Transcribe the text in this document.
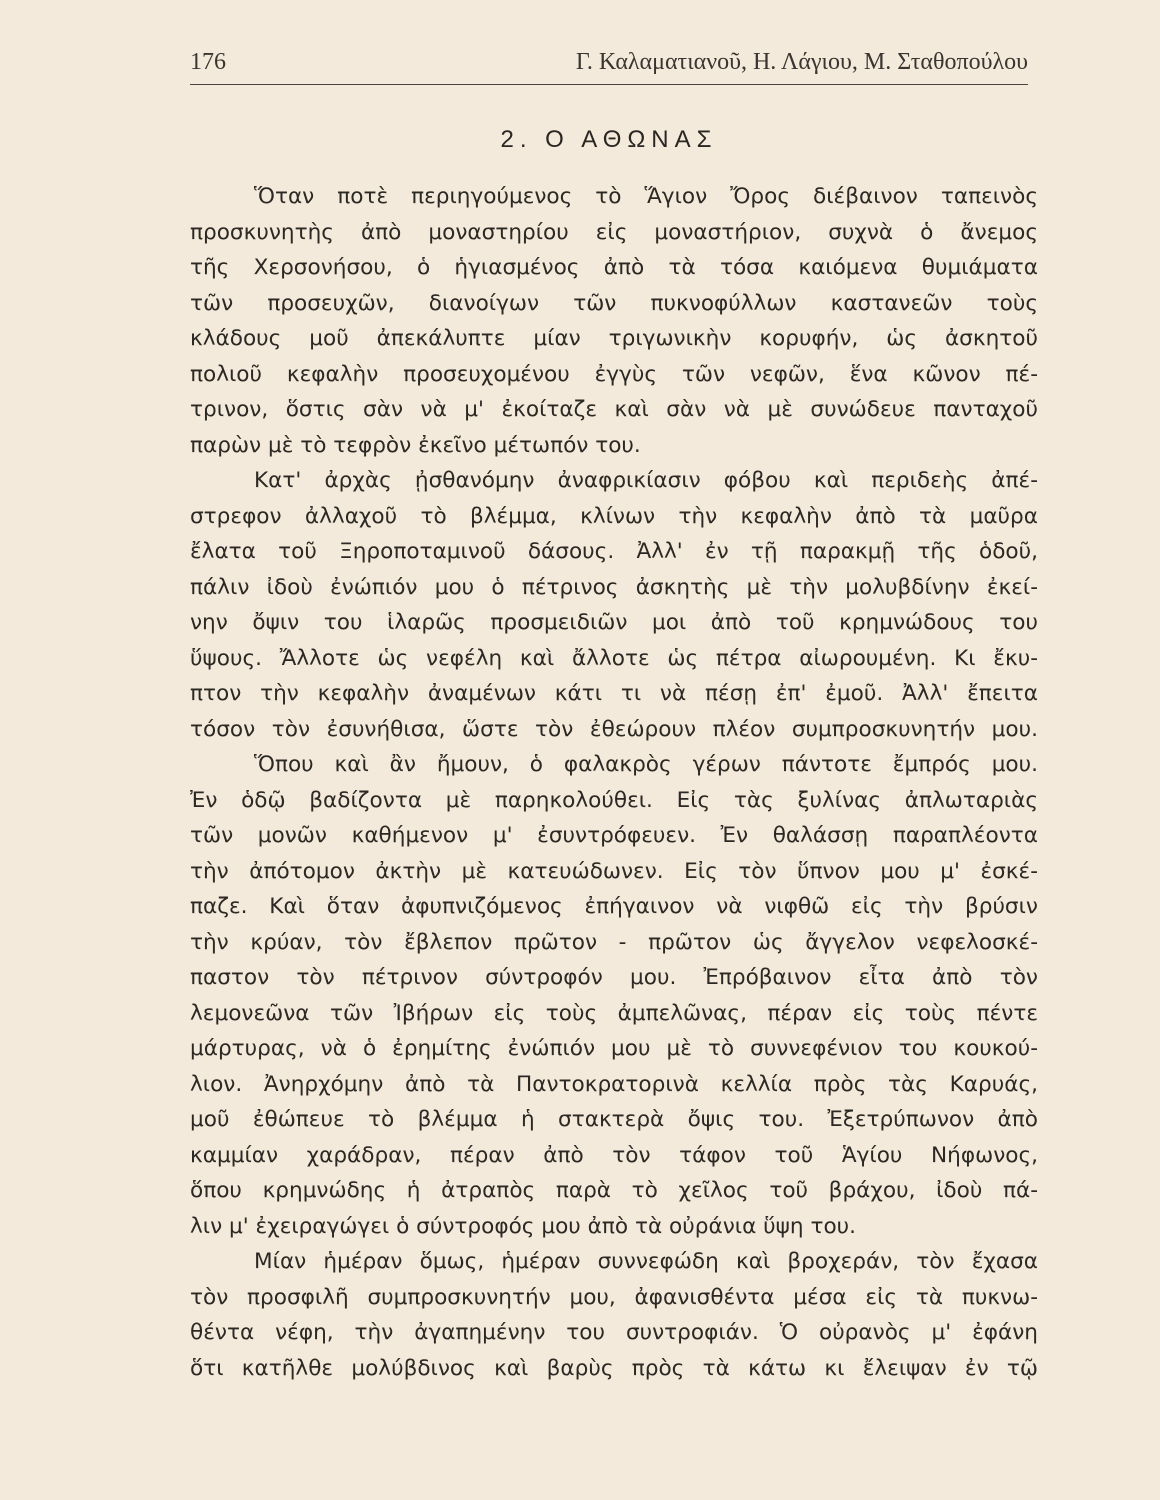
176	Γ. Καλαματιανοῦ, Η. Λάγιου, Μ. Σταθοπούλου
2. Ο ΑΘΩΝΑΣ
Ὅταν ποτὲ περιηγούμενος τὸ Ἅγιον Ὄρος διέβαινον ταπεινὸς
προσκυνητὴς ἀπὸ μοναστηρίου εἰς μοναστήριον, συχνὰ ὁ ἄνεμος
τῆς Χερσονήσου, ὁ ἡγιασμένος ἀπὸ τὰ τόσα καιόμενα θυμιάματα
τῶν προσευχῶν, διανοίγων τῶν πυκνοφύλλων καστανεῶν τοὺς
κλάδους μοῦ ἀπεκάλυπτε μίαν τριγωνικὴν κορυφήν, ὡς ἀσκητοῦ
πολιοῦ κεφαλὴν προσευχομένου ἐγγὺς τῶν νεφῶν, ἕνα κῶνον πέ-
τρινον, ὅστις σὰν νὰ μ' ἐκοίταζε καὶ σὰν νὰ μὲ συνώδευε πανταχοῦ
παρὼν μὲ τὸ τεφρὸν ἐκεῖνο μέτωπόν του.
Κατ' ἀρχὰς ᾐσθανόμην ἀναφρικίασιν φόβου καὶ περιδεὴς ἀπέ-
στρεφον ἀλλαχοῦ τὸ βλέμμα, κλίνων τὴν κεφαλὴν ἀπὸ τὰ μαῦρα
ἔλατα τοῦ Ξηροποταμινοῦ δάσους. Ἀλλ' ἐν τῇ παρακμῇ τῆς ὁδοῦ,
πάλιν ἰδοὺ ἐνώπιόν μου ὁ πέτρινος ἀσκητὴς μὲ τὴν μολυβδίνην ἐκεί-
νην ὄψιν του ἱλαρῶς προσμειδιῶν μοι ἀπὸ τοῦ κρημνώδους του
ὕψους. Ἄλλοτε ὡς νεφέλη καὶ ἄλλοτε ὡς πέτρα αἰωρουμένη. Κι ἔκυ-
πτον τὴν κεφαλὴν ἀναμένων κάτι τι νὰ πέσῃ ἐπ' ἐμοῦ. Ἀλλ' ἔπειτα
τόσον τὸν ἐσυνήθισα, ὥστε τὸν ἐθεώρουν πλέον συμπροσκυνητήν μου.
Ὅπου καὶ ἂν ἤμουν, ὁ φαλακρὸς γέρων πάντοτε ἔμπρός μου.
Ἐν ὁδῷ βαδίζοντα μὲ παρηκολούθει. Εἰς τὰς ξυλίνας ἀπλωταριὰς
τῶν μονῶν καθήμενον μ' ἐσυντρόφευεν. Ἐν θαλάσσῃ παραπλέοντα
τὴν ἀπότομον ἀκτὴν μὲ κατευώδωνεν. Εἰς τὸν ὕπνον μου μ' ἐσκέ-
παζε. Καὶ ὅταν ἀφυπνιζόμενος ἐπήγαινον νὰ νιφθῶ εἰς τὴν βρύσιν
τὴν κρύαν, τὸν ἔβλεπον πρῶτον - πρῶτον ὡς ἄγγελον νεφελοσκέ-
παστον τὸν πέτρινον σύντροφόν μου. Ἐπρόβαινον εἶτα ἀπὸ τὸν
λεμονεῶνα τῶν Ἰβήρων εἰς τοὺς ἀμπελῶνας, πέραν εἰς τοὺς πέντε
μάρτυρας, νὰ ὁ ἐρημίτης ἐνώπιόν μου μὲ τὸ συννεφένιον του κουκού-
λιον. Ἀνηρχόμην ἀπὸ τὰ Παντοκρατορινὰ κελλία πρὸς τὰς Καρυάς,
μοῦ ἐθώπευε τὸ βλέμμα ἡ στακτερὰ ὄψις του. Ἐξετρύπωνον ἀπὸ
καμμίαν χαράδραν, πέραν ἀπὸ τὸν τάφον τοῦ Ἁγίου Νήφωνος,
ὅπου κρημνώδης ἡ ἀτραπὸς παρὰ τὸ χεῖλος τοῦ βράχου, ἰδοὺ πά-
λιν μ' ἐχειραγώγει ὁ σύντροφός μου ἀπὸ τὰ οὐράνια ὕψη του.
Μίαν ἡμέραν ὅμως, ἡμέραν συννεφώδη καὶ βροχεράν, τὸν ἔχασα
τὸν προσφιλῆ συμπροσκυνητήν μου, ἀφανισθέντα μέσα εἰς τὰ πυκνω-
θέντα νέφη, τὴν ἀγαπημένην του συντροφιάν. Ὁ οὐρανὸς μ' ἐφάνη
ὅτι κατῆλθε μολύβδινος καὶ βαρὺς πρὸς τὰ κάτω κι ἔλειψαν ἐν τῷ
